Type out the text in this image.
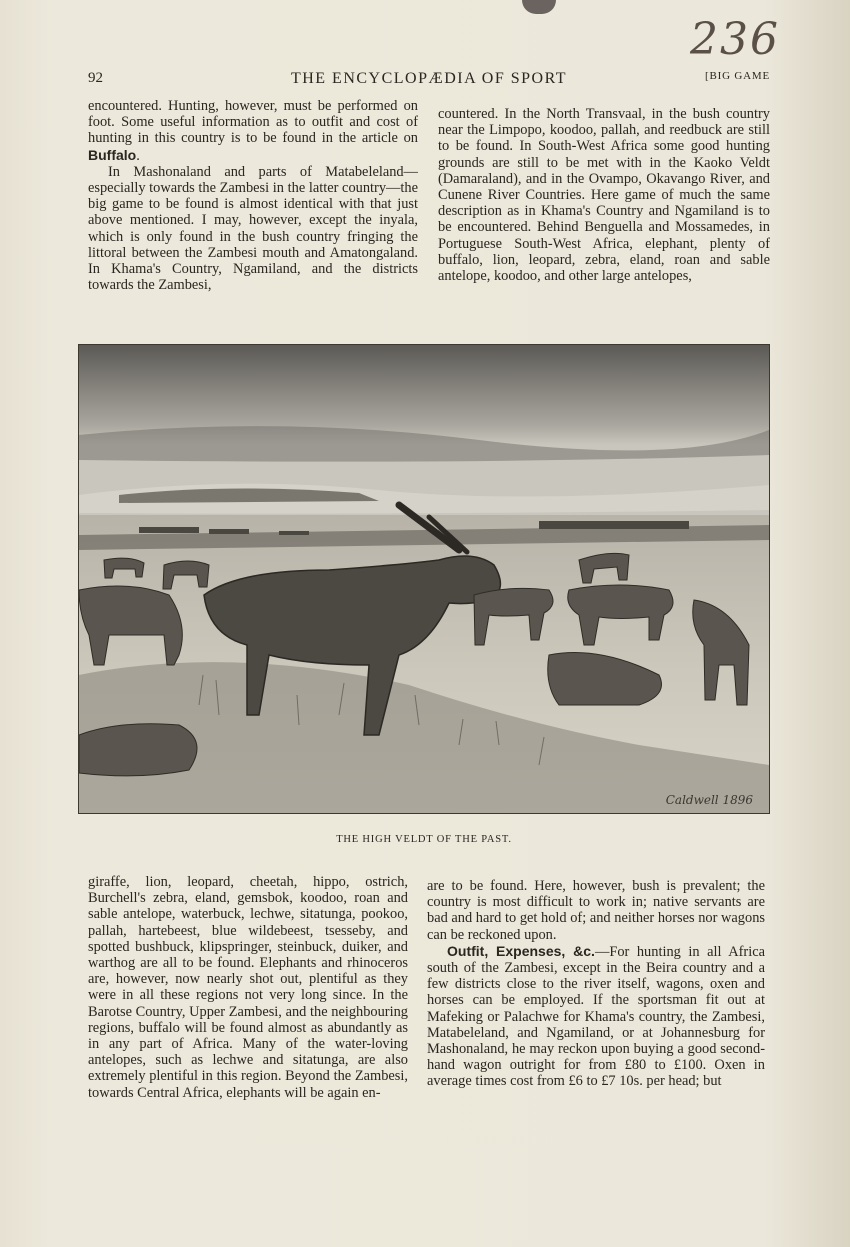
236
92	THE ENCYCLOPÆDIA OF SPORT	[BIG GAME

encountered. Hunting, however, must be performed on foot. Some useful information as to outfit and cost of hunting in this country is to be found in the article on Buffalo.

In Mashonaland and parts of Matabeleland—especially towards the Zambesi in the latter country—the big game to be found is almost identical with that just above mentioned. I may, however, except the inyala, which is only found in the bush country fringing the littoral between the Zambesi mouth and Amatongaland. In Khama's Country, Ngamiland, and the districts towards the Zambesi,

countered. In the North Transvaal, in the bush country near the Limpopo, koodoo, pallah, and reedbuck are still to be found. In South-West Africa some good hunting grounds are still to be met with in the Kaoko Veldt (Damaraland), and in the Ovampo, Okavango River, and Cunene River Countries. Here game of much the same description as in Khama's Country and Ngamiland is to be encountered. Behind Benguella and Mossamedes, in Portuguese South-West Africa, elephant, plenty of buffalo, lion, leopard, zebra, eland, roan and sable antelope, koodoo, and other large antelopes,

Caldwell 1896
THE HIGH VELDT OF THE PAST.

giraffe, lion, leopard, cheetah, hippo, ostrich, Burchell's zebra, eland, gemsbok, koodoo, roan and sable antelope, waterbuck, lechwe, sitatunga, pookoo, pallah, hartebeest, blue wildebeest, tsesseby, and spotted bushbuck, klipspringer, steinbuck, duiker, and warthog are all to be found. Elephants and rhinoceros are, however, now nearly shot out, plentiful as they were in all these regions not very long since. In the Barotse Country, Upper Zambesi, and the neighbouring regions, buffalo will be found almost as abundantly as in any part of Africa. Many of the water-loving antelopes, such as lechwe and sitatunga, are also extremely plentiful in this region. Beyond the Zambesi, towards Central Africa, elephants will be again en-

are to be found. Here, however, bush is prevalent; the country is most difficult to work in; native servants are bad and hard to get hold of; and neither horses nor wagons can be reckoned upon.

Outfit, Expenses, &c.—For hunting in all Africa south of the Zambesi, except in the Beira country and a few districts close to the river itself, wagons, oxen and horses can be employed. If the sportsman fit out at Mafeking or Palachwe for Khama's country, the Zambesi, Matabeleland, and Ngamiland, or at Johannesburg for Mashonaland, he may reckon upon buying a good second-hand wagon outright for from £80 to £100. Oxen in average times cost from £6 to £7 10s. per head; but
